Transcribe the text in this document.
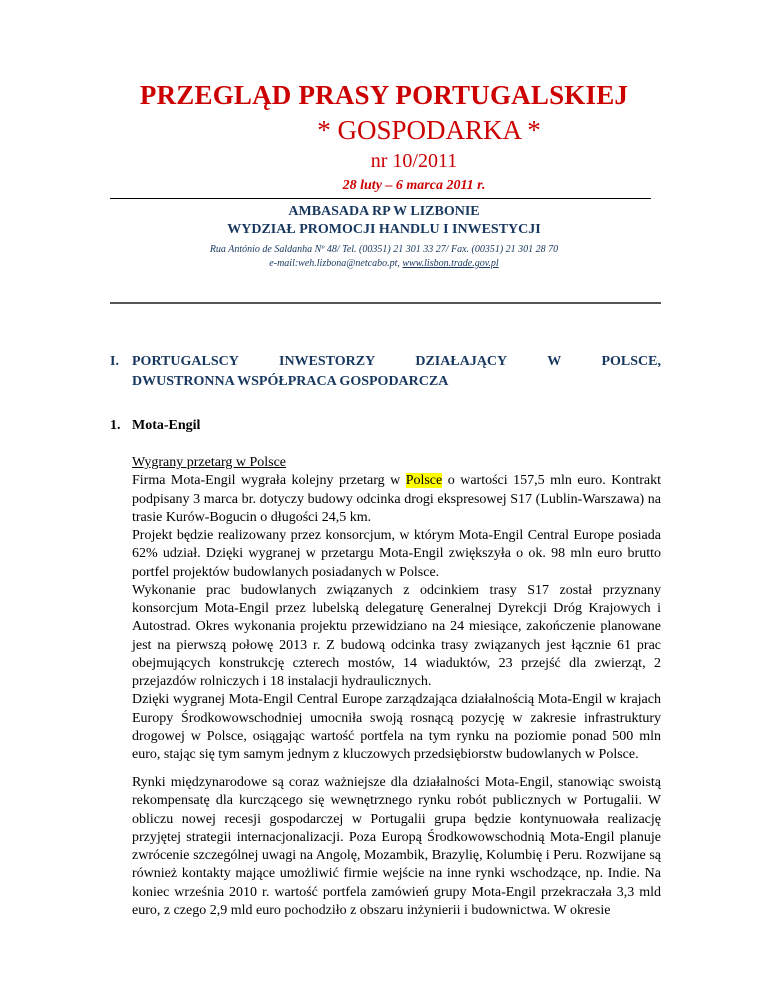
PRZEGLĄD PRASY PORTUGALSKIEJ
* GOSPODARKA *
nr 10/2011
28 luty – 6 marca 2011 r.
AMBASADA RP W LIZBONIE
WYDZIAŁ PROMOCJI HANDLU I INWESTYCJI
Rua António de Saldanha Nº 48/ Tel. (00351) 21 301 33 27/ Fax. (00351) 21 301 28 70
e-mail:weh.lizbona@netcabo.pt, www.lisbon.trade.gov.pl
I. PORTUGALSCY	INWESTORZY	DZIAŁAJĄCY	W	POLSCE,
DWUSTRONNA WSPÓŁPRACA GOSPODARCZA
1. Mota-Engil

Wygrany przetarg w Polsce

Firma Mota-Engil wygrała kolejny przetarg w Polsce o wartości 157,5 mln euro. Kontrakt podpisany 3 marca br. dotyczy budowy odcinka drogi ekspresowej S17 (Lublin-Warszawa) na trasie Kurów-Bogucin o długości 24,5 km.

Projekt będzie realizowany przez konsorcjum, w którym Mota-Engil Central Europe posiada 62% udział. Dzięki wygranej w przetargu Mota-Engil zwiększyła o ok. 98 mln euro brutto portfel projektów budowlanych posiadanych w Polsce.

Wykonanie prac budowlanych związanych z odcinkiem trasy S17 został przyznany konsorcjum Mota-Engil przez lubelską delegaturę Generalnej Dyrekcji Dróg Krajowych i Autostrad. Okres wykonania projektu przewidziano na 24 miesiące, zakończenie planowane jest na pierwszą połowę 2013 r. Z budową odcinka trasy związanych jest łącznie 61 prac obejmujących konstrukcję czterech mostów, 14 wiaduktów, 23 przejść dla zwierząt, 2 przejazdów rolniczych i 18 instalacji hydraulicznych.

Dzięki wygranej Mota-Engil Central Europe zarządzająca działalnością Mota-Engil w krajach Europy Środkowowschodniej umocniła swoją rosnącą pozycję w zakresie infrastruktury drogowej w Polsce, osiągając wartość portfela na tym rynku na poziomie ponad 500 mln euro, stając się tym samym jednym z kluczowych przedsiębiorstw budowlanych w Polsce.

Rynki międzynarodowe są coraz ważniejsze dla działalności Mota-Engil, stanowiąc swoistą rekompensatę dla kurczącego się wewnętrznego rynku robót publicznych w Portugalii. W obliczu nowej recesji gospodarczej w Portugalii grupa będzie kontynuowała realizację przyjętej strategii internacjonalizacji. Poza Europą Środkowowschodnią Mota-Engil planuje zwrócenie szczególnej uwagi na Angolę, Mozambik, Brazylię, Kolumbię i Peru. Rozwijane są również kontakty mające umożliwić firmie wejście na inne rynki wschodzące, np. Indie. Na koniec września 2010 r. wartość portfela zamówień grupy Mota-Engil przekraczała 3,3 mld euro, z czego 2,9 mld euro pochodziło z obszaru inżynierii i budownictwa. W okresie
